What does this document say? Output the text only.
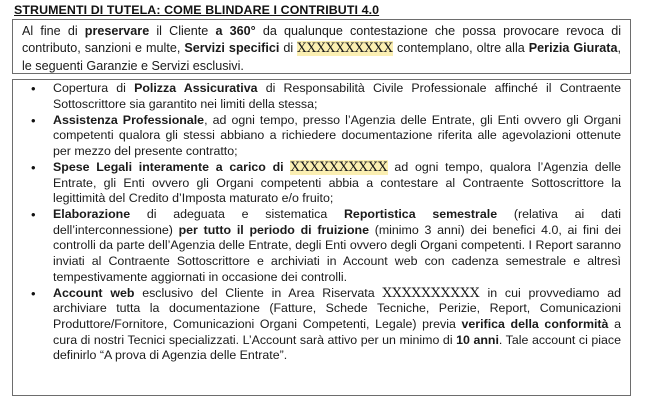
STRUMENTI DI TUTELA: COME BLINDARE I CONTRIBUTI 4.0
Al fine di preservare il Cliente a 360° da qualunque contestazione che possa provocare revoca di contributo, sanzioni e multe, Servizi specifici di XXXXXXXXXX contemplano, oltre alla Perizia Giurata, le seguenti Garanzie e Servizi esclusivi.
• Copertura di Polizza Assicurativa di Responsabilità Civile Professionale affinché il Contraente Sottoscrittore sia garantito nei limiti della stessa;
• Assistenza Professionale, ad ogni tempo, presso l’Agenzia delle Entrate, gli Enti ovvero gli Organi competenti qualora gli stessi abbiano a richiedere documentazione riferita alle agevolazioni ottenute per mezzo del presente contratto;
• Spese Legali interamente a carico di XXXXXXXXXX ad ogni tempo, qualora l’Agenzia delle Entrate, gli Enti ovvero gli Organi competenti abbia a contestare al Contraente Sottoscrittore la legittimità del Credito d’Imposta maturato e/o fruito;
• Elaborazione di adeguata e sistematica Reportistica semestrale (relativa ai dati dell’interconnessione) per tutto il periodo di fruizione (minimo 3 anni) dei benefici 4.0, ai fini dei controlli da parte dell’Agenzia delle Entrate, degli Enti ovvero degli Organi competenti. I Report saranno inviati al Contraente Sottoscrittore e archiviati in Account web con cadenza semestrale e altresì tempestivamente aggiornati in occasione dei controlli.
• Account web esclusivo del Cliente in Area Riservata XXXXXXXXXX in cui provvediamo ad archiviare tutta la documentazione (Fatture, Schede Tecniche, Perizie, Report, Comunicazioni Produttore/Fornitore, Comunicazioni Organi Competenti, Legale) previa verifica della conformità a cura di nostri Tecnici specializzati. L’Account sarà attivo per un minimo di 10 anni. Tale account ci piace definirlo “A prova di Agenzia delle Entrate”.
